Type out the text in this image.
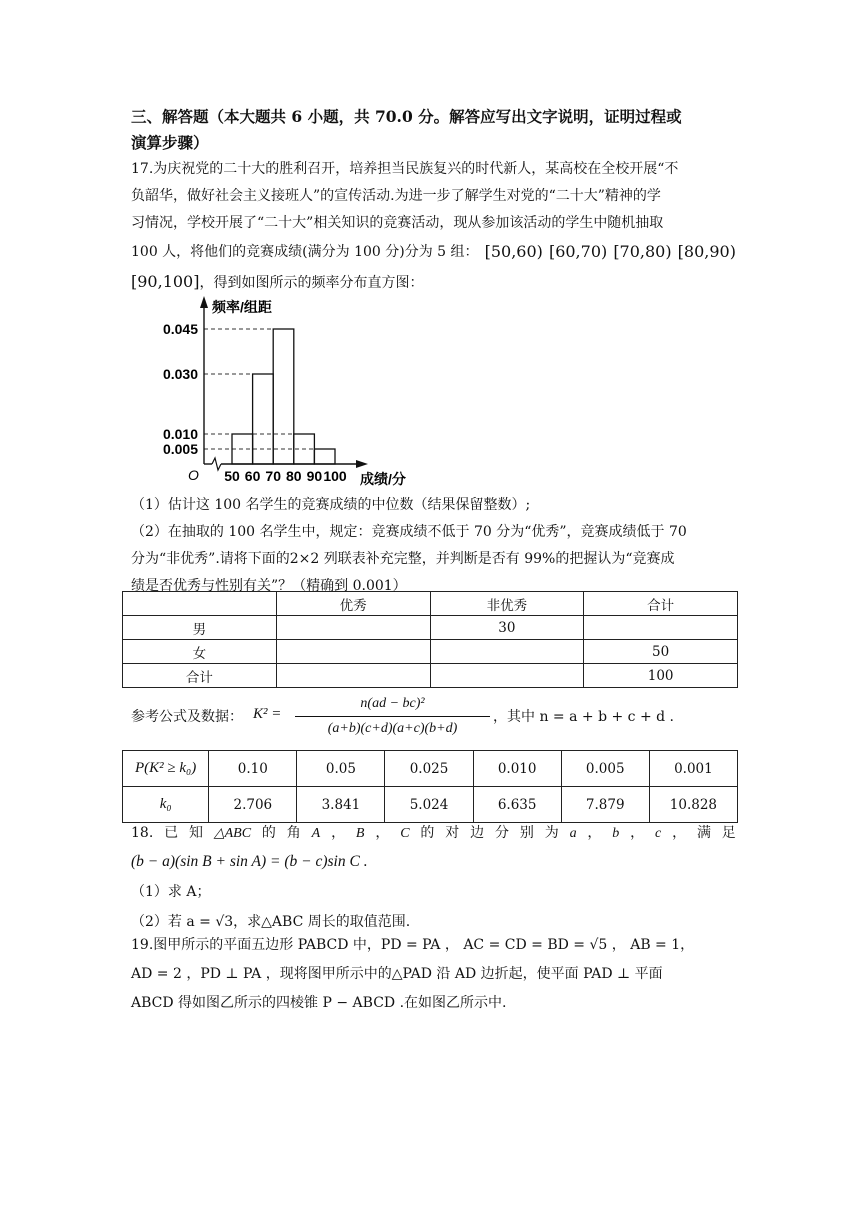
三、解答题（本大题共 6 小题，共 70.0 分。解答应写出文字说明，证明过程或
演算步骤）
17.为庆祝党的二十大的胜利召开，培养担当民族复兴的时代新人，某高校在全校开展“不
负韶华，做好社会主义接班人”的宣传活动.为进一步了解学生对党的“二十大”精神的学
习情况，学校开展了“二十大”相关知识的竞赛活动，现从参加该活动的学生中随机抽取
100 人，将他们的竞赛成绩(满分为 100 分)分为 5 组： [50,60) [60,70) [70,80) [80,90)
[90,100]，得到如图所示的频率分布直方图：
频率/组距
成绩/分
O 50 60 70 80 90 100
0.005
0.010
0.030
0.045
（1）估计这 100 名学生的竞赛成绩的中位数（结果保留整数）;
（2）在抽取的 100 名学生中，规定：竞赛成绩不低于 70 分为“优秀”，竞赛成绩低于 70
分为“非优秀”.请将下面的2×2 列联表补充完整，并判断是否有 99%的把握认为“竞赛成
绩是否优秀与性别有关”？（精确到 0.001）
	优秀	非优秀	合计
男		30	
女			50
合计			100
参考公式及数据： K² =
n(ad − bc)²
(a+b)(c+d)(a+c)(b+d)
，其中 n = a + b + c + d .
P(K² ≥ k₀)	0.10	0.05	0.025	0.010	0.005	0.001
k₀	2.706	3.841	5.024	6.635	7.879	10.828
18. 已 知 △ABC 的 角 A ， B ， C 的 对 边 分 别 为 a ， b ， c ， 满 足
(b − a)(sin B + sin A) = (b − c)sin C .
（1）求 A；
（2）若 a = √3，求△ABC 周长的取值范围.
19.图甲所示的平面五边形 PABCD 中，PD = PA ， AC = CD = BD = √5 ， AB = 1，
AD = 2 ，PD ⊥ PA ，现将图甲所示中的△PAD 沿 AD 边折起，使平面 PAD ⊥ 平面
ABCD 得如图乙所示的四棱锥 P − ABCD .在如图乙所示中.
